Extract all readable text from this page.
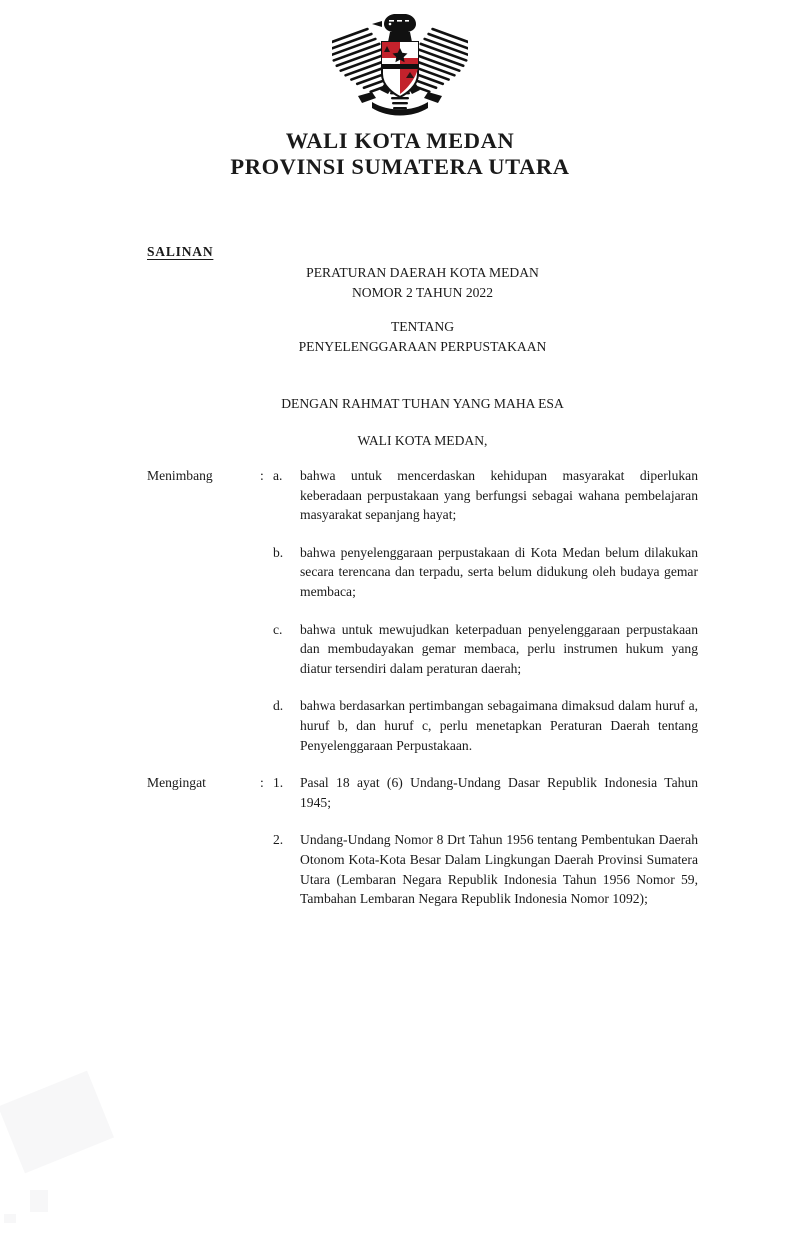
WALI KOTA MEDAN
PROVINSI SUMATERA UTARA
SALINAN
PERATURAN DAERAH KOTA MEDAN
NOMOR 2 TAHUN 2022
TENTANG
PENYELENGGARAAN PERPUSTAKAAN
DENGAN RAHMAT TUHAN YANG MAHA ESA
WALI KOTA MEDAN,
Menimbang	: a.	bahwa untuk mencerdaskan kehidupan masyarakat diperlukan keberadaan perpustakaan yang berfungsi sebagai wahana pembelajaran masyarakat sepanjang hayat;
b.	bahwa penyelenggaraan perpustakaan di Kota Medan belum dilakukan secara terencana dan terpadu, serta belum didukung oleh budaya gemar membaca;
c.	bahwa untuk mewujudkan keterpaduan penyelenggaraan perpustakaan dan membudayakan gemar membaca, perlu instrumen hukum yang diatur tersendiri dalam peraturan daerah;
d.	bahwa berdasarkan pertimbangan sebagaimana dimaksud dalam huruf a, huruf b, dan huruf c, perlu menetapkan Peraturan Daerah tentang Penyelenggaraan Perpustakaan.
Mengingat	: 1.	Pasal 18 ayat (6) Undang-Undang Dasar Republik Indonesia Tahun 1945;
2.	Undang-Undang Nomor 8 Drt Tahun 1956 tentang Pembentukan Daerah Otonom Kota-Kota Besar Dalam Lingkungan Daerah Provinsi Sumatera Utara (Lembaran Negara Republik Indonesia Tahun 1956 Nomor 59, Tambahan Lembaran Negara Republik Indonesia Nomor 1092);
